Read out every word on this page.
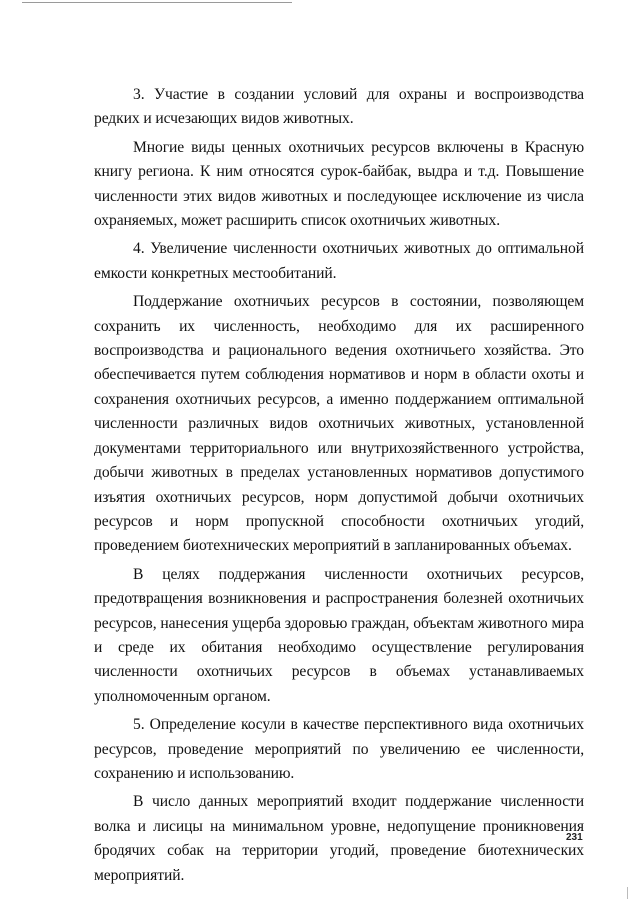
3. Участие в создании условий для охраны и воспроизводства редких и исчезающих видов животных.

Многие виды ценных охотничьих ресурсов включены в Красную книгу региона. К ним относятся сурок-байбак, выдра и т.д. Повышение численности этих видов животных и последующее исключение из числа охраняемых, может расширить список охотничьих животных.

4. Увеличение численности охотничьих животных до оптимальной емкости конкретных местообитаний.

Поддержание охотничьих ресурсов в состоянии, позволяющем сохранить их численность, необходимо для их расширенного воспроизводства и рационального ведения охотничьего хозяйства. Это обеспечивается путем соблюдения нормативов и норм в области охоты и сохранения охотничьих ресурсов, а именно поддержанием оптимальной численности различных видов охотничьих животных, установленной документами территориального или внутрихозяйственного устройства, добычи животных в пределах установленных нормативов допустимого изъятия охотничьих ресурсов, норм допустимой добычи охотничьих ресурсов и норм пропускной способности охотничьих угодий, проведением биотехнических мероприятий в запланированных объемах.

В целях поддержания численности охотничьих ресурсов, предотвращения возникновения и распространения болезней охотничьих ресурсов, нанесения ущерба здоровью граждан, объектам животного мира и среде их обитания необходимо осуществление регулирования численности охотничьих ресурсов в объемах устанавливаемых уполномоченным органом.

5. Определение косули в качестве перспективного вида охотничьих ресурсов, проведение мероприятий по увеличению ее численности, сохранению и использованию.

В число данных мероприятий входит поддержание численности волка и лисицы на минимальном уровне, недопущение проникновения бродячих собак на территории угодий, проведение биотехнических мероприятий.

231
